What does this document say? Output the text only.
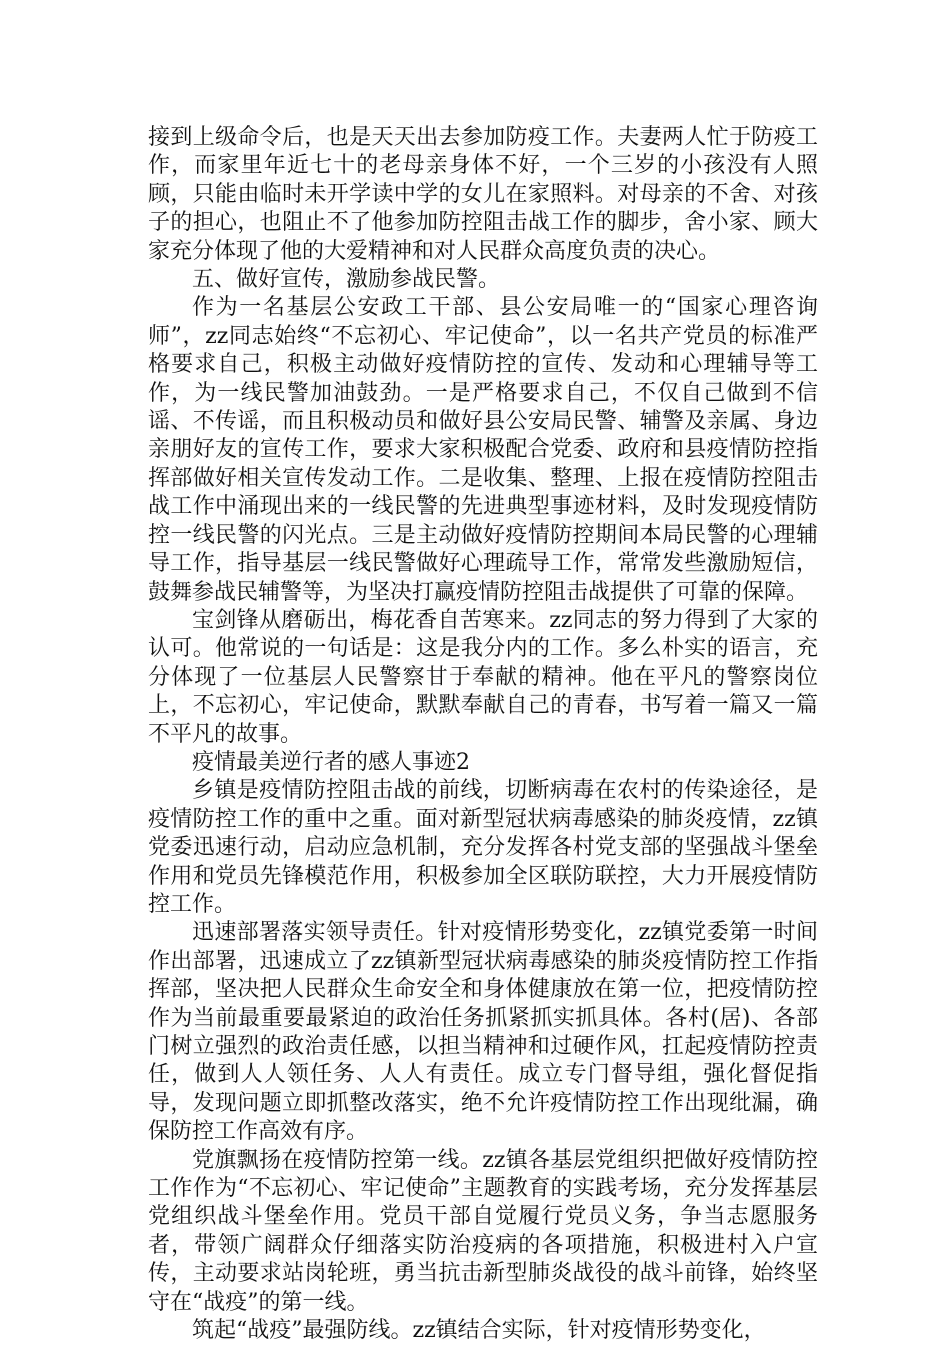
接到上级命令后，也是天天出去参加防疫工作。夫妻两人忙于防疫工作，而家里年近七十的老母亲身体不好，一个三岁的小孩没有人照顾，只能由临时未开学读中学的女儿在家照料。对母亲的不舍、对孩子的担心，也阻止不了他参加防控阻击战工作的脚步，舍小家、顾大家充分体现了他的大爱精神和对人民群众高度负责的决心。

五、做好宣传，激励参战民警。

作为一名基层公安政工干部、县公安局唯一的“国家心理咨询师”，zz同志始终“不忘初心、牢记使命”，以一名共产党员的标准严格要求自己，积极主动做好疫情防控的宣传、发动和心理辅导等工作，为一线民警加油鼓劲。一是严格要求自己，不仅自己做到不信谣、不传谣，而且积极动员和做好县公安局民警、辅警及亲属、身边亲朋好友的宣传工作，要求大家积极配合党委、政府和县疫情防控指挥部做好相关宣传发动工作。二是收集、整理、上报在疫情防控阻击战工作中涌现出来的一线民警的先进典型事迹材料，及时发现疫情防控一线民警的闪光点。三是主动做好疫情防控期间本局民警的心理辅导工作，指导基层一线民警做好心理疏导工作，常常发些激励短信，鼓舞参战民辅警等，为坚决打赢疫情防控阻击战提供了可靠的保障。

宝剑锋从磨砺出，梅花香自苦寒来。zz同志的努力得到了大家的认可。他常说的一句话是：这是我分内的工作。多么朴实的语言，充分体现了一位基层人民警察甘于奉献的精神。他在平凡的警察岗位上，不忘初心，牢记使命，默默奉献自己的青春，书写着一篇又一篇不平凡的故事。

疫情最美逆行者的感人事迹2

乡镇是疫情防控阻击战的前线，切断病毒在农村的传染途径，是疫情防控工作的重中之重。面对新型冠状病毒感染的肺炎疫情，zz镇党委迅速行动，启动应急机制，充分发挥各村党支部的坚强战斗堡垒作用和党员先锋模范作用，积极参加全区联防联控，大力开展疫情防控工作。

迅速部署落实领导责任。针对疫情形势变化，zz镇党委第一时间作出部署，迅速成立了zz镇新型冠状病毒感染的肺炎疫情防控工作指挥部，坚决把人民群众生命安全和身体健康放在第一位，把疫情防控作为当前最重要最紧迫的政治任务抓紧抓实抓具体。各村(居)、各部门树立强烈的政治责任感，以担当精神和过硬作风，扛起疫情防控责任，做到人人领任务、人人有责任。成立专门督导组，强化督促指导，发现问题立即抓整改落实，绝不允许疫情防控工作出现纰漏，确保防控工作高效有序。

党旗飘扬在疫情防控第一线。zz镇各基层党组织把做好疫情防控工作作为“不忘初心、牢记使命”主题教育的实践考场，充分发挥基层党组织战斗堡垒作用。党员干部自觉履行党员义务，争当志愿服务者，带领广阔群众仔细落实防治疫病的各项措施，积极进村入户宣传，主动要求站岗轮班，勇当抗击新型肺炎战役的战斗前锋，始终坚守在“战疫”的第一线。

筑起“战疫”最强防线。zz镇结合实际，针对疫情形势变化，
